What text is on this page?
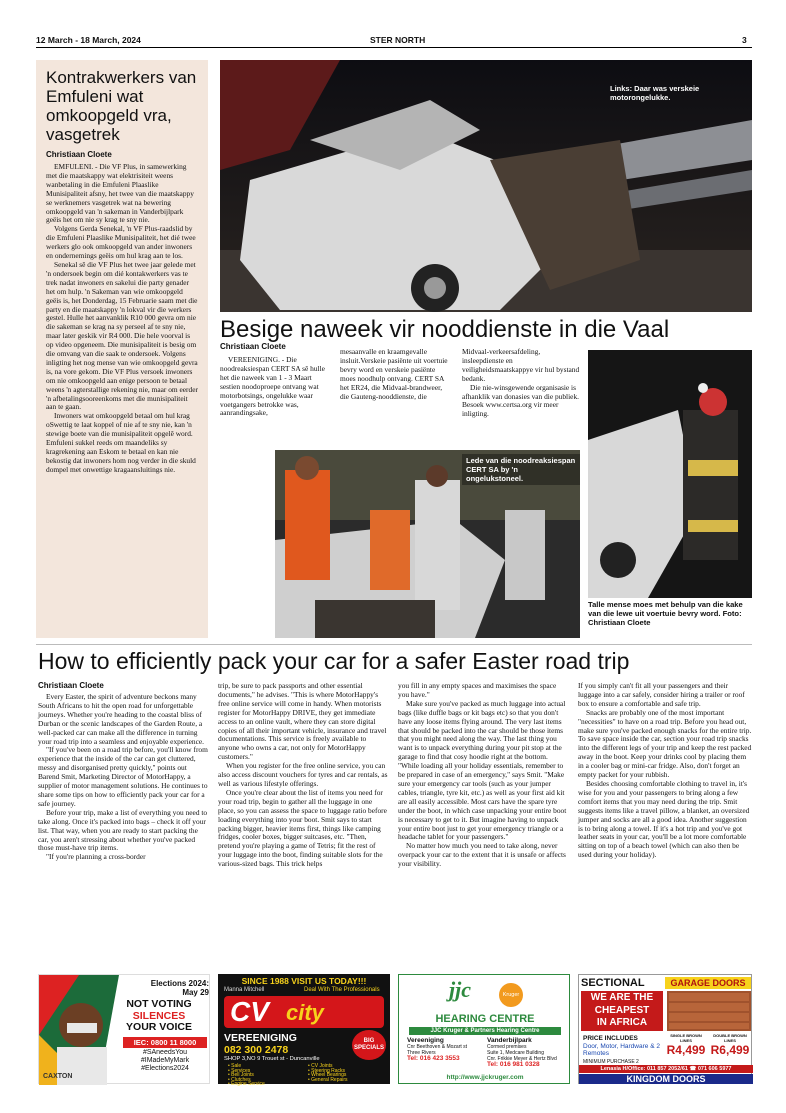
12 March - 18 March, 2024	STER NORTH	3
Kontrakwerkers van Emfuleni wat omkoopgeld vra, vasgetrek
Christiaan Cloete

EMFULENI. - Die VF Plus, in samewerking met die maatskappy wat elektrisiteit weens wanbetaling in die Emfuleni Plaaslike Munisipaliteit afsny, het twee van die maatskappy se werknemers vasgetrek wat na bewering omkoopgeld van 'n sakeman in Vanderbijlpark geëis het om nie sy krag te sny nie.

Volgens Gerda Senekal, 'n VF Plus-raadslid by die Emfuleni Plaaslike Munisipaliteit, het dié twee werkers glo ook omkoopgeld van ander inwoners en ondernemings geëis om hul krag aan te los.

Senekal sê die VF Plus het twee jaar gelede met 'n ondersoek begin om dié kontakwerkers vas te trek nadat inwoners en sakelui die party genader het om hulp. 'n Sakeman van wie omkoopgeld geëis is, het Donderdag, 15 Februarie saam met die party en die maatskappy 'n lokval vir die werkers gestel. Hulle het aanvanklik R10 000 gevra om nie die sakeman se krag na sy perseel af te sny nie, maar later geskik vir R4 000. Die hele voorval is op video opgeneem. Die munisipaliteit is besig om die omvang van die saak te ondersoek. Volgens inligting het nog mense van wie omkoopgeld gevra is, na vore gekom. Die VF Plus versoek inwoners om nie omkoopgeld aan enige persoon te betaal weens 'n agterstallige rekening nie, maar om eerder 'n afbetalingsooreenkoms met die munisipaliteit aan te gaan.

Inwoners wat omkoopgeld betaal om hul krag oSwettig te laat koppel of nie af te sny nie, kan 'n stewige boete van die munisipaliteit opgelê word. Emfuleni sukkel reeds om maandeliks sy kragrekening aan Eskom te betaal en kan nie bekostig dat inwoners hom nog verder in die skuld dompel met onwettige kragaansluitings nie.

Links: Daar was verskeie motorongelukke.
Besige naweek vir nooddienste in die Vaal
Christiaan Cloete

VEREENIGING. - Die noodreaksiespan CERT SA sê hulle het die naweek van 1 - 3 Maart sestien noodoproepe ontvang wat motorbotsings, ongelukke waar voetgangers betrokke was, aanrandingsake,

mesaanvalle en kraamgevalle insluit.Verskeie pasiënte uit voertuie bevry word en verskeie pasiënte moes noodhulp ontvang. CERT SA het ER24, die Midvaal-brandweer, die Gauteng-nooddienste, die

Midvaal-verkeersafdeling, insleepdienste en veiligheidsmaatskappye vir hul bystand bedank.

Die nie-winsgewende organisasie is afhanklik van donasies van die publiek. Besoek www.certsa.org vir meer inligting.

Lede van die noodreaksiespan CERT SA by 'n ongelukstoneel.
Talle mense moes met behulp van die kake van die lewe uit voertuie bevry word. Foto: Christiaan Cloete
How to efficiently pack your car for a safer Easter road trip
Christiaan Cloete

Every Easter, the spirit of adventure beckons many South Africans to hit the open road for unforgettable journeys. Whether you're heading to the coastal bliss of Durban or the scenic landscapes of the Garden Route, a well-packed car can make all the difference in turning your road trip into a seamless and enjoyable experience.

"If you've been on a road trip before, you'll know from experience that the inside of the car can get cluttered, messy and disorganised pretty quickly," points out Barend Smit, Marketing Director of MotorHappy, a supplier of motor management solutions. He continues to share some tips on how to efficiently pack your car for a safe journey.

Before your trip, make a list of everything you need to take along. Once it's packed into bags – check it off your list. That way, when you are ready to start packing the car, you aren't stressing about whether you've packed those must-have trip items.

"If you're planning a cross-border

trip, be sure to pack passports and other essential documents," he advises. "This is where MotorHappy's free online service will come in handy. When motorists register for MotorHappy DRIVE, they get immediate access to an online vault, where they can store digital copies of all their important vehicle, insurance and travel documentations. This service is freely available to anyone who owns a car, not only for MotorHappy customers."

When you register for the free online service, you can also access discount vouchers for tyres and car rentals, as well as various lifestyle offerings.

Once you're clear about the list of items you need for your road trip, begin to gather all the luggage in one place, so you can assess the space to luggage ratio before loading everything into your boot. Smit says to start packing bigger, heavier items first, things like camping fridges, cooler boxes, bigger suitcases, etc. "Then, pretend you're playing a game of Tetris; fit the rest of your luggage into the boot, finding suitable slots for the various-sized bags. This trick helps

you fill in any empty spaces and maximises the space you have."

Make sure you've packed as much luggage into actual bags (like duffle bags or kit bags etc) so that you don't have any loose items flying around. The very last items that should be packed into the car should be those items that you might need along the way. The last thing you want is to unpack everything during your pit stop at the garage to find that cosy hoodie right at the bottom. "While loading all your holiday essentials, remember to be prepared in case of an emergency," says Smit. "Make sure your emergency car tools (such as your jumper cables, triangle, tyre kit, etc.) as well as your first aid kit are all easily accessible. Most cars have the spare tyre under the boot, in which case unpacking your entire boot is necessary to get to it. But imagine having to unpack your entire boot just to get your emergency triangle or a headache tablet for your passengers."

No matter how much you need to take along, never overpack your car to the extent that it is unsafe or affects your visibility.

If you simply can't fit all your passengers and their luggage into a car safely, consider hiring a trailer or roof box to ensure a comfortable and safe trip.

Snacks are probably one of the most important "necessities" to have on a road trip. Before you head out, make sure you've packed enough snacks for the entire trip. To save space inside the car, section your road trip snacks into the different legs of your trip and keep the rest packed away in the boot. Keep your drinks cool by placing them in a cooler bag or mini-car fridge. Also, don't forget an empty packet for your rubbish.

Besides choosing comfortable clothing to travel in, it's wise for you and your passengers to bring along a few comfort items that you may need during the trip. Smit suggests items like a travel pillow, a blanket, an oversized jumper and socks are all a good idea. Another suggestion is to bring along a towel. If it's a hot trip and you've got leather seats in your car, you'll be a lot more comfortable sitting on top of a beach towel (which can also then be used during your holiday).

Elections 2024:
May 29
NOT VOTING
SILENCES
YOUR VOICE
IEC: 0800 11 8000
#SAneedsYou
#IMadeMyMark
#Elections2024
CAXTON
SINCE 1988 VISIT US TODAY!!!
Manna Mitchell	Deal With The Professionals
CV city
VEREENIGING
082 300 2478
SHOP 3,NO 9 Trouet st - Duncanville
BIG SPECIALS
• Sale
• Services
• Bell Joints
• Clutches
• Engine Service
• CV Joints
• Steering Racks
• Wheel Bearings
• General Repairs
jjc	Kruger
HEARING CENTRE
JJC Kruger & Partners Hearing Centre
Vereeniging
Cnr Beethoven & Mozart st
Three Rivers
Tel: 016 423 3553
Vanderbijlpark
Cormed premises
Suite 1, Medcare Building
Cnr. Frikkie Meyer & Hertz Blvd
Tel: 016 981 0328
http://www.jjckruger.com
SECTIONAL	GARAGE DOORS
WE ARE THE
CHEAPEST
IN AFRICA
PRICE INCLUDES
Door, Motor, Hardware & 2 Remotes
MINIMUM PURCHASE 2
SINGLE BROWN LINES
R4,499
DOUBLE BROWN LINES
R6,499
Lenasia H/Office: 011 857 2052/61 ☎ 071 606 5977
KINGDOM DOORS
